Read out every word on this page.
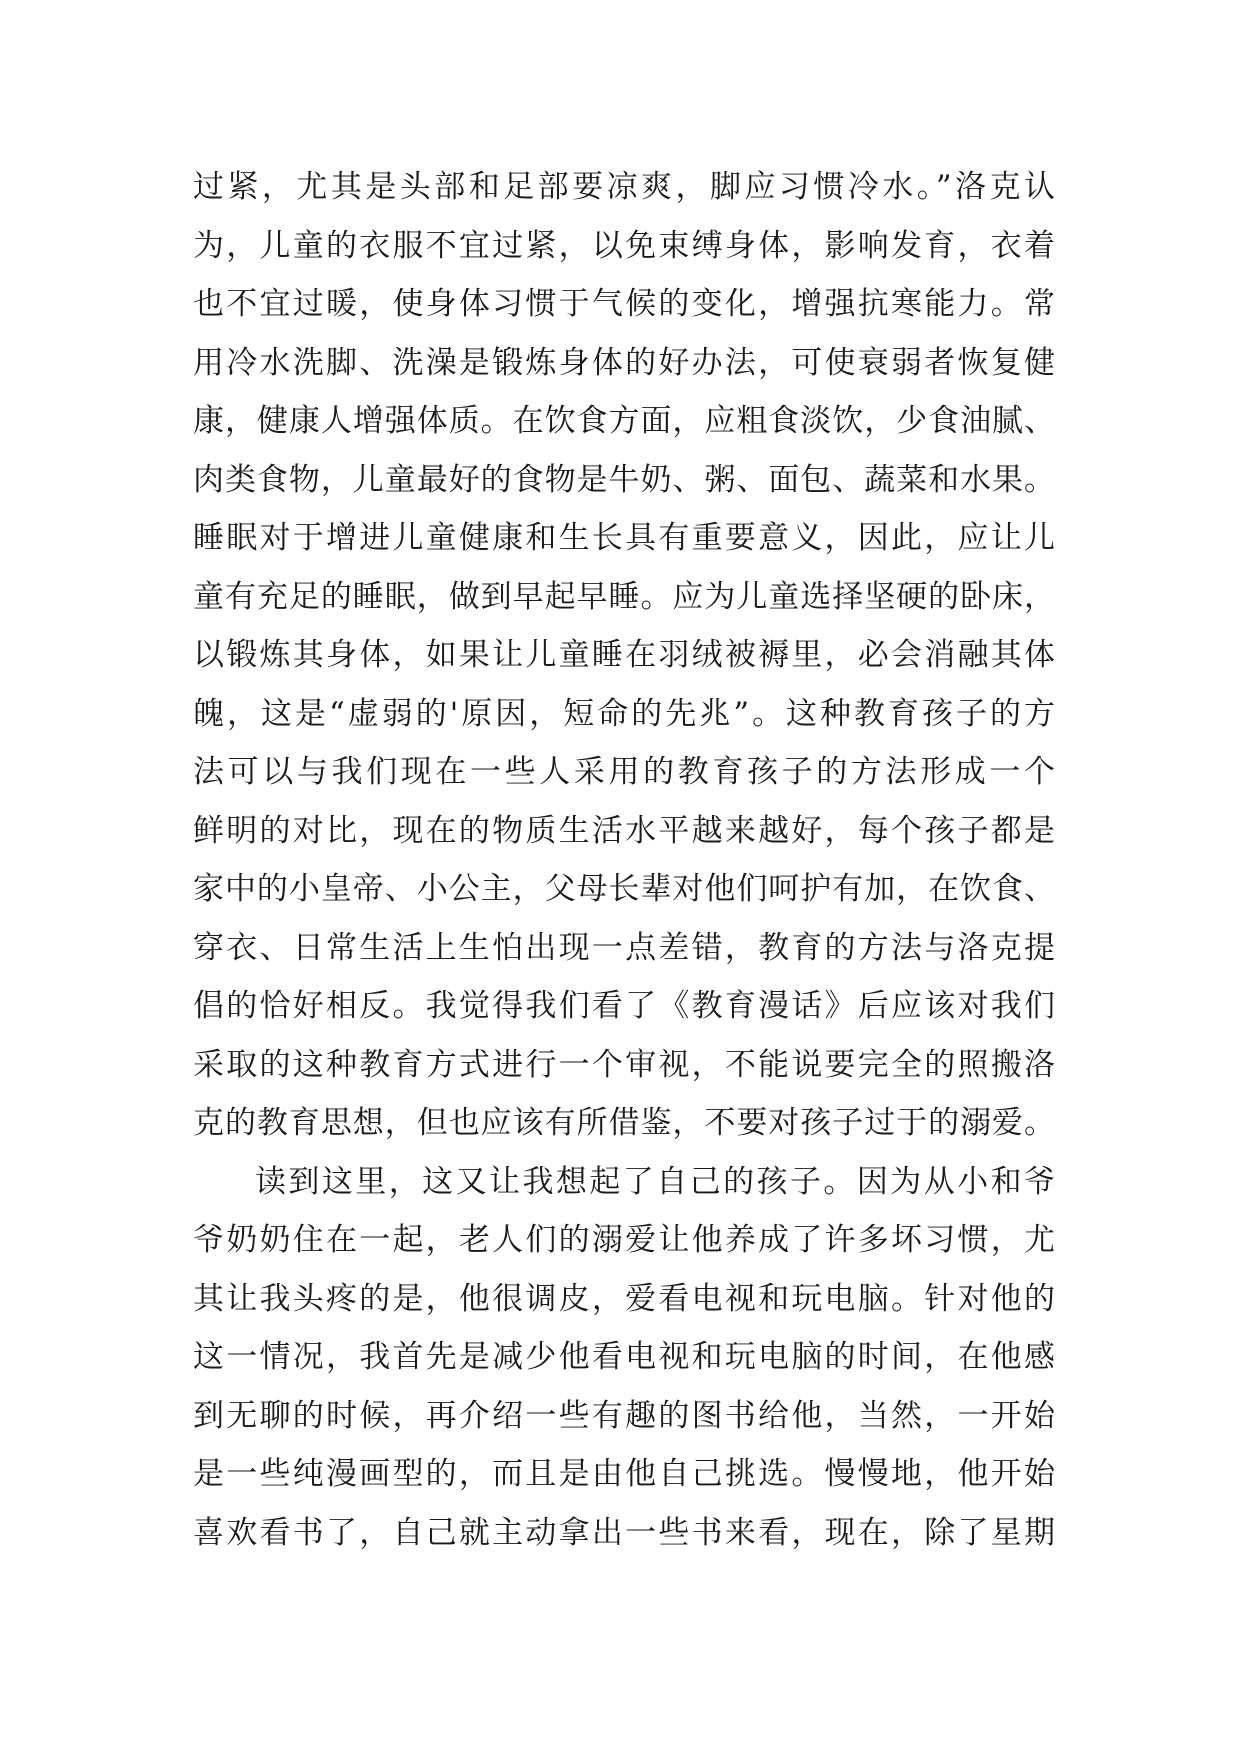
过紧，尤其是头部和足部要凉爽，脚应习惯冷水。”洛克认
为，儿童的衣服不宜过紧，以免束缚身体，影响发育，衣着
也不宜过暖，使身体习惯于气候的变化，增强抗寒能力。常
用冷水洗脚、洗澡是锻炼身体的好办法，可使衰弱者恢复健
康，健康人增强体质。在饮食方面，应粗食淡饮，少食油腻、
肉类食物，儿童最好的食物是牛奶、粥、面包、蔬菜和水果。
睡眠对于增进儿童健康和生长具有重要意义，因此，应让儿
童有充足的睡眠，做到早起早睡。应为儿童选择坚硬的卧床，
以锻炼其身体，如果让儿童睡在羽绒被褥里，必会消融其体
魄，这是“虚弱的'原因，短命的先兆”。这种教育孩子的方
法可以与我们现在一些人采用的教育孩子的方法形成一个
鲜明的对比，现在的物质生活水平越来越好，每个孩子都是
家中的小皇帝、小公主，父母长辈对他们呵护有加，在饮食、
穿衣、日常生活上生怕出现一点差错，教育的方法与洛克提
倡的恰好相反。我觉得我们看了《教育漫话》后应该对我们
采取的这种教育方式进行一个审视，不能说要完全的照搬洛
克的教育思想，但也应该有所借鉴，不要对孩子过于的溺爱。
读到这里，这又让我想起了自己的孩子。因为从小和爷
爷奶奶住在一起，老人们的溺爱让他养成了许多坏习惯，尤
其让我头疼的是，他很调皮，爱看电视和玩电脑。针对他的
这一情况，我首先是减少他看电视和玩电脑的时间，在他感
到无聊的时候，再介绍一些有趣的图书给他，当然，一开始
是一些纯漫画型的，而且是由他自己挑选。慢慢地，他开始
喜欢看书了，自己就主动拿出一些书来看，现在，除了星期
